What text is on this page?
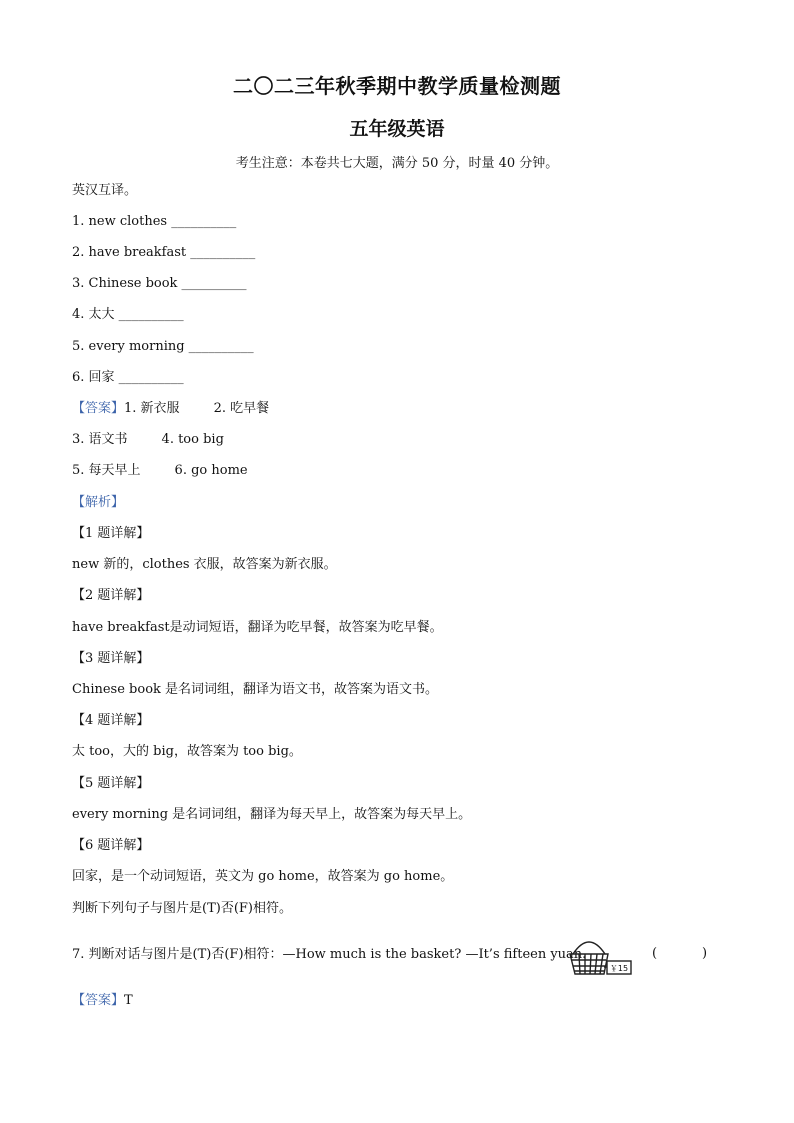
二〇二三年秋季期中教学质量检测题
五年级英语
考生注意：本卷共七大题，满分 50 分，时量 40 分钟。
英汉互译。
1. new clothes __________
2. have breakfast __________
3. Chinese book __________
4. 太大 __________
5. every morning __________
6. 回家 __________
【答案】1. 新衣服	2. 吃早餐
3. 语文书	4. too big
5. 每天早上	6. go home
【解析】
【1 题详解】
new 新的，clothes 衣服，故答案为新衣服。
【2 题详解】
have breakfast是动词短语，翻译为吃早餐，故答案为吃早餐。
【3 题详解】
Chinese book 是名词词组，翻译为语文书，故答案为语文书。
【4 题详解】
太 too，大的 big，故答案为 too big。
【5 题详解】
every morning 是名词词组，翻译为每天早上，故答案为每天早上。
【6 题详解】
回家，是一个动词短语，英文为 go home，故答案为 go home。
判断下列句子与图片是(T)否(F)相符。
7. 判断对话与图片是(T)否(F)相符：—How much is the basket? —It’s fifteen yuan.
￥15
(	)
【答案】T
